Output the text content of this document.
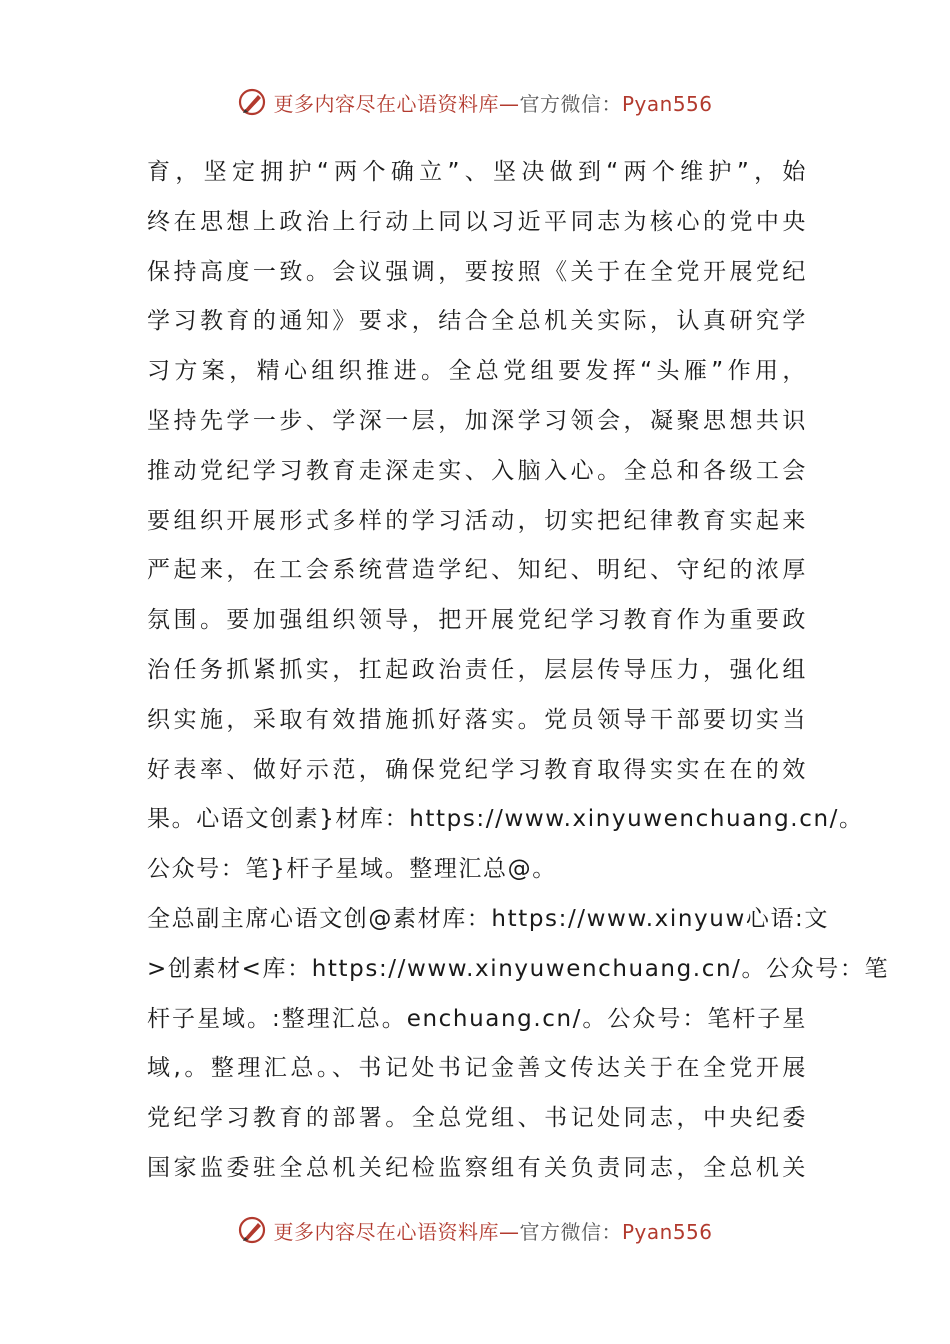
更多内容尽在心语资料库—官方微信：Pyan556
育，坚定拥护“两个确立”、坚决做到“两个维护”，始
终在思想上政治上行动上同以习近平同志为核心的党中央
保持高度一致。会议强调，要按照《关于在全党开展党纪
学习教育的通知》要求，结合全总机关实际，认真研究学
习方案，精心组织推进。全总党组要发挥“头雁”作用，
坚持先学一步、学深一层，加深学习领会，凝聚思想共识
推动党纪学习教育走深走实、入脑入心。全总和各级工会
要组织开展形式多样的学习活动，切实把纪律教育实起来
严起来，在工会系统营造学纪、知纪、明纪、守纪的浓厚
氛围。要加强组织领导，把开展党纪学习教育作为重要政
治任务抓紧抓实，扛起政治责任，层层传导压力，强化组
织实施，采取有效措施抓好落实。党员领导干部要切实当
好表率、做好示范，确保党纪学习教育取得实实在在的效
果。心语文创素}材库：https://www.xinyuwenchuang.cn/。
公众号：笔}杆子星域。整理汇总@。
全总副主席心语文创@素材库：https://www.xinyuw心语:文
>创素材<库：https://www.xinyuwenchuang.cn/。公众号：笔
杆子星域。:整理汇总。enchuang.cn/。公众号：笔杆子星
域,。整理汇总。、书记处书记金善文传达关于在全党开展
党纪学习教育的部署。全总党组、书记处同志，中央纪委
国家监委驻全总机关纪检监察组有关负责同志，全总机关
更多内容尽在心语资料库—官方微信：Pyan556
